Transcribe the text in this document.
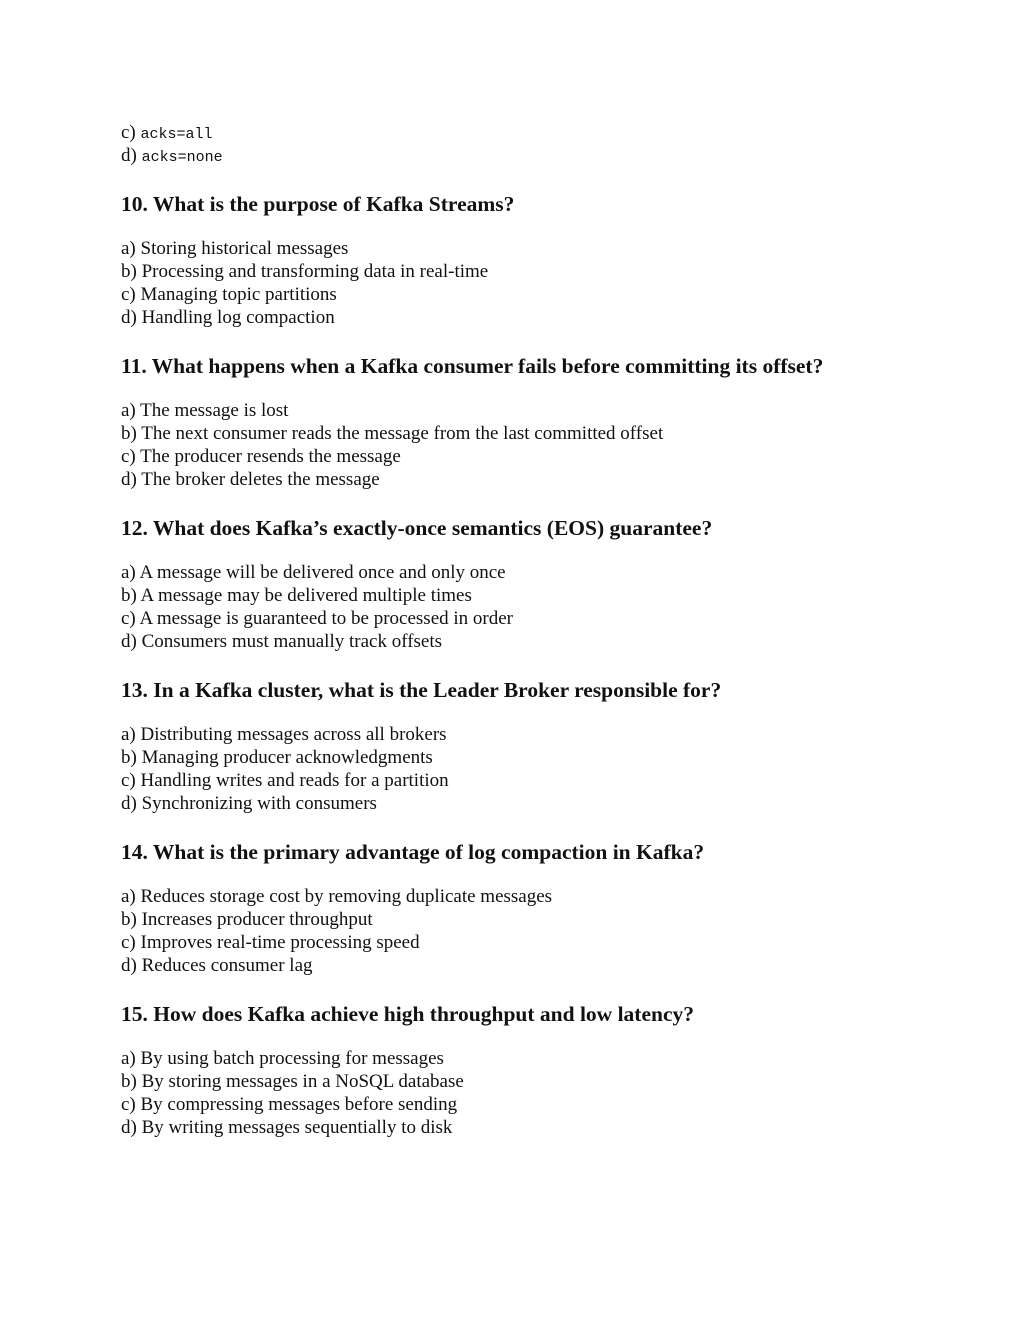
c) acks=all
d) acks=none
10. What is the purpose of Kafka Streams?
a) Storing historical messages
b) Processing and transforming data in real-time
c) Managing topic partitions
d) Handling log compaction
11. What happens when a Kafka consumer fails before committing its offset?
a) The message is lost
b) The next consumer reads the message from the last committed offset
c) The producer resends the message
d) The broker deletes the message
12. What does Kafka’s exactly-once semantics (EOS) guarantee?
a) A message will be delivered once and only once
b) A message may be delivered multiple times
c) A message is guaranteed to be processed in order
d) Consumers must manually track offsets
13. In a Kafka cluster, what is the Leader Broker responsible for?
a) Distributing messages across all brokers
b) Managing producer acknowledgments
c) Handling writes and reads for a partition
d) Synchronizing with consumers
14. What is the primary advantage of log compaction in Kafka?
a) Reduces storage cost by removing duplicate messages
b) Increases producer throughput
c) Improves real-time processing speed
d) Reduces consumer lag
15. How does Kafka achieve high throughput and low latency?
a) By using batch processing for messages
b) By storing messages in a NoSQL database
c) By compressing messages before sending
d) By writing messages sequentially to disk
